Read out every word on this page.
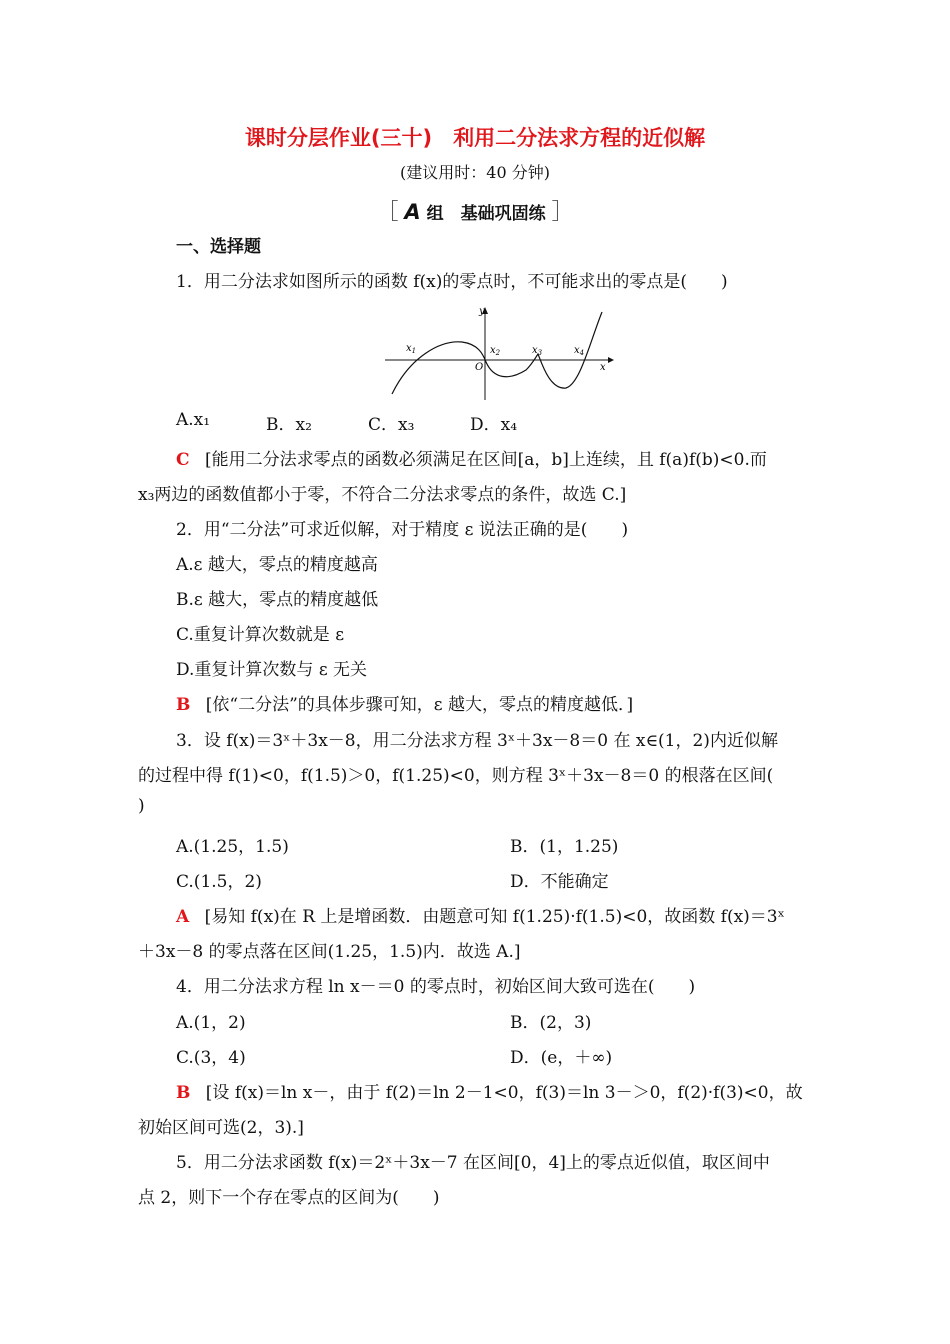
课时分层作业(三十)　利用二分法求方程的近似解
(建议用时：40 分钟)
［ A 组　基础巩固练 ］
一、选择题
1．用二分法求如图所示的函数 f(x)的零点时，不可能求出的零点是(　　)
y
x
O
$x_1$	$x_2$	$x_3$	$x_4$
A.x₁	B．x₂	C．x₃	D．x₄
C [能用二分法求零点的函数必须满足在区间[a，b]上连续，且 f(a)f(b)<0.而
x₃两边的函数值都小于零，不符合二分法求零点的条件，故选 C.]
2．用“二分法”可求近似解，对于精度 ε 说法正确的是(　　)
A.ε 越大，零点的精度越高
B.ε 越大，零点的精度越低
C.重复计算次数就是 ε
D.重复计算次数与 ε 无关
B [依“二分法”的具体步骤可知，ε 越大，零点的精度越低．]
3．设 f(x)＝3ˣ＋3x－8，用二分法求方程 3ˣ＋3x－8＝0 在 x∈(1，2)内近似解
的过程中得 f(1)<0，f(1.5)＞0，f(1.25)<0，则方程 3ˣ＋3x－8＝0 的根落在区间(
)
A.(1.25，1.5)	B．(1，1.25)
C.(1.5，2)	D．不能确定
A [易知 f(x)在 R 上是增函数．由题意可知 f(1.25)·f(1.5)<0，故函数 f(x)＝3ˣ
＋3x－8 的零点落在区间(1.25，1.5)内．故选 A.]
4．用二分法求方程 ln x－＝0 的零点时，初始区间大致可选在(　　)
A.(1，2)	B．(2，3)
C.(3，4)	D．(e，＋∞)
B [设 f(x)＝ln x－，由于 f(2)＝ln 2－1<0，f(3)＝ln 3－＞0，f(2)·f(3)<0，故
初始区间可选(2，3).]
5．用二分法求函数 f(x)＝2ˣ＋3x－7 在区间[0，4]上的零点近似值，取区间中
点 2，则下一个存在零点的区间为(　　)
